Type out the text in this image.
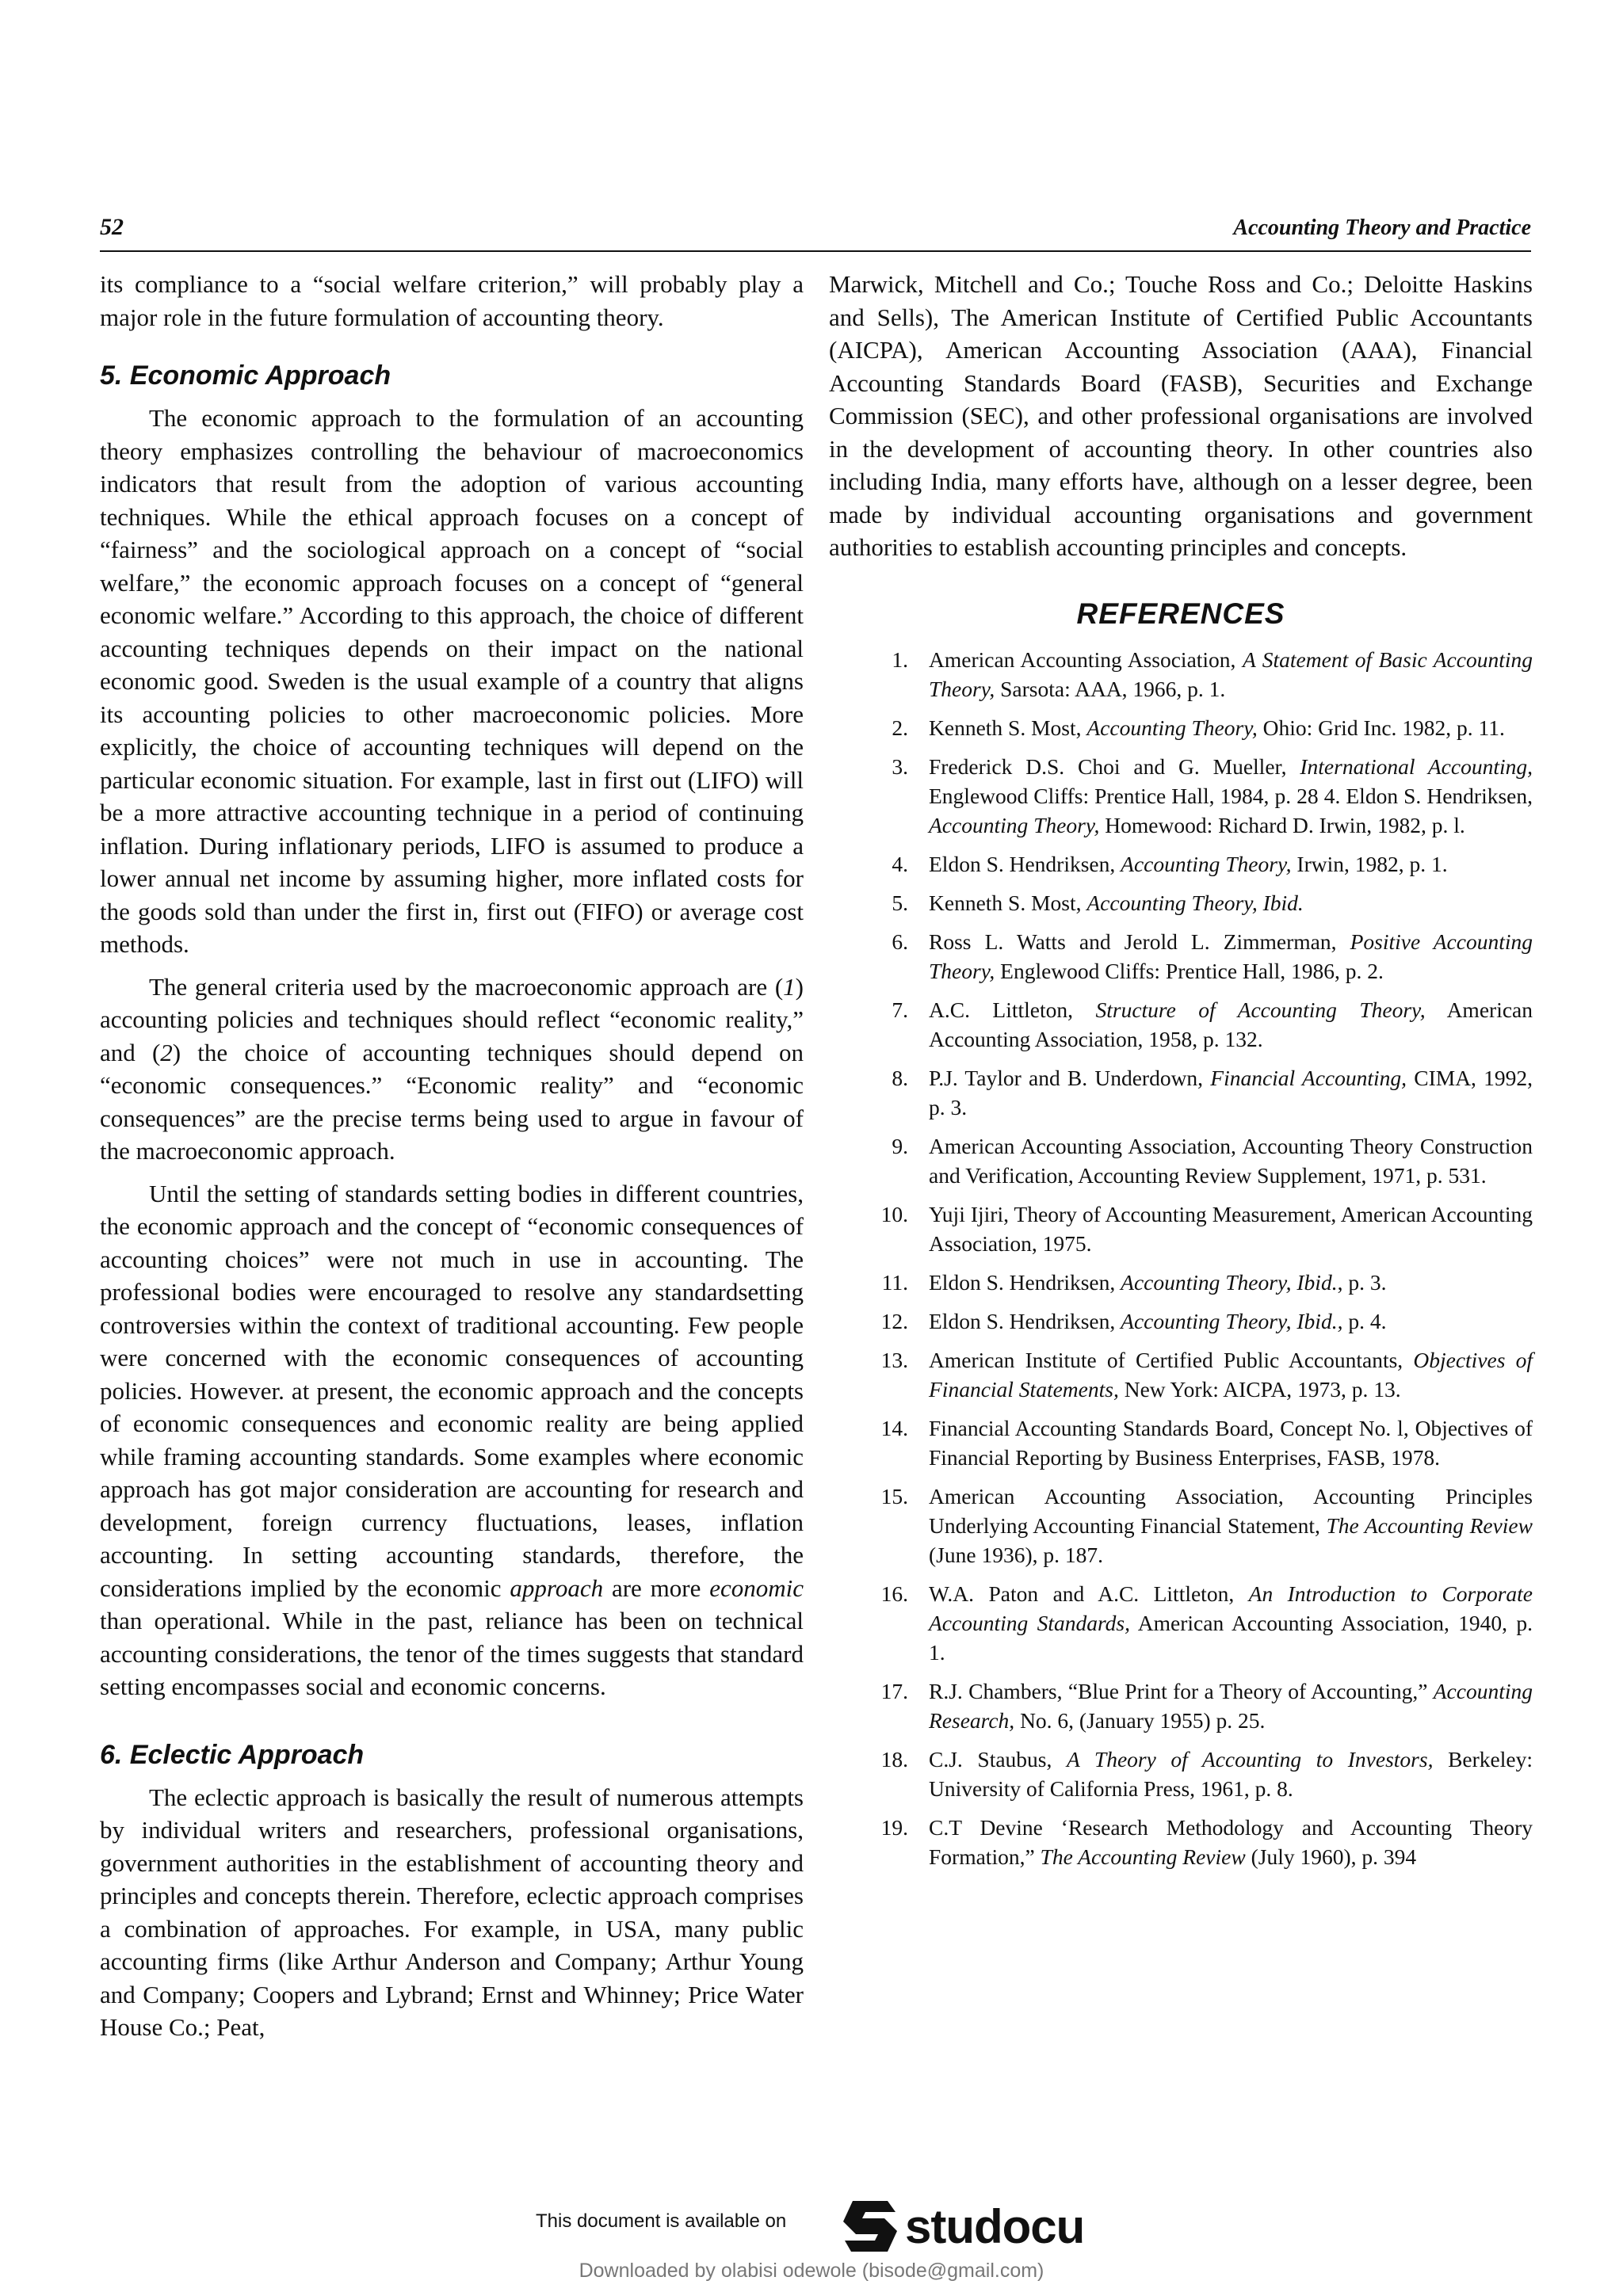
52	Accounting Theory and Practice

its compliance to a “social welfare criterion,” will probably play a major role in the future formulation of accounting theory.

5. Economic Approach

The economic approach to the formulation of an accounting theory emphasizes controlling the behaviour of macroeconomics indicators that result from the adoption of various accounting techniques. While the ethical approach focuses on a concept of “fairness” and the sociological approach on a concept of “social welfare,” the economic approach focuses on a concept of “general economic welfare.” According to this approach, the choice of different accounting techniques depends on their impact on the national economic good. Sweden is the usual example of a country that aligns its accounting policies to other macroeconomic policies. More explicitly, the choice of accounting techniques will depend on the particular economic situation. For example, last in first out (LIFO) will be a more attractive accounting technique in a period of continuing inflation. During inflationary periods, LIFO is assumed to produce a lower annual net income by assuming higher, more inflated costs for the goods sold than under the first in, first out (FIFO) or average cost methods.

The general criteria used by the macroeconomic approach are (1) accounting policies and techniques should reflect “economic reality,” and (2) the choice of accounting techniques should depend on “economic consequences.” “Economic reality” and “economic consequences” are the precise terms being used to argue in favour of the macroeconomic approach.

Until the setting of standards setting bodies in different countries, the economic approach and the concept of “economic consequences of accounting choices” were not much in use in accounting. The professional bodies were encouraged to resolve any standardsetting controversies within the context of traditional accounting. Few people were concerned with the economic consequences of accounting policies. However. at present, the economic approach and the concepts of economic consequences and economic reality are being applied while framing accounting standards. Some examples where economic approach has got major consideration are accounting for research and development, foreign currency fluctuations, leases, inflation accounting. In setting accounting standards, therefore, the considerations implied by the economic approach are more economic than operational. While in the past, reliance has been on technical accounting considerations, the tenor of the times suggests that standard setting encompasses social and economic concerns.

6. Eclectic Approach

The eclectic approach is basically the result of numerous attempts by individual writers and researchers, professional organisations, government authorities in the establishment of accounting theory and principles and concepts therein. Therefore, eclectic approach comprises a combination of approaches. For example, in USA, many public accounting firms (like Arthur Anderson and Company; Arthur Young and Company; Coopers and Lybrand; Ernst and Whinney; Price Water House Co.; Peat,

Marwick, Mitchell and Co.; Touche Ross and Co.; Deloitte Haskins and Sells), The American Institute of Certified Public Accountants (AICPA), American Accounting Association (AAA), Financial Accounting Standards Board (FASB), Securities and Exchange Commission (SEC), and other professional organisations are involved in the development of accounting theory. In other countries also including India, many efforts have, although on a lesser degree, been made by individual accounting organisations and government authorities to establish accounting principles and concepts.

REFERENCES
1. American Accounting Association, A Statement of Basic Accounting Theory, Sarsota: AAA, 1966, p. 1.
2. Kenneth S. Most, Accounting Theory, Ohio: Grid Inc. 1982, p. 11.
3. Frederick D.S. Choi and G. Mueller, International Accounting, Englewood Cliffs: Prentice Hall, 1984, p. 28 4. Eldon S. Hendriksen, Accounting Theory, Homewood: Richard D. Irwin, 1982, p. l.
4. Eldon S. Hendriksen, Accounting Theory, Irwin, 1982, p. 1.
5. Kenneth S. Most, Accounting Theory, Ibid.
6. Ross L. Watts and Jerold L. Zimmerman, Positive Accounting Theory, Englewood Cliffs: Prentice Hall, 1986, p. 2.
7. A.C. Littleton, Structure of Accounting Theory, American Accounting Association, 1958, p. 132.
8. P.J. Taylor and B. Underdown, Financial Accounting, CIMA, 1992, p. 3.
9. American Accounting Association, Accounting Theory Construction and Verification, Accounting Review Supplement, 1971, p. 531.
10. Yuji Ijiri, Theory of Accounting Measurement, American Accounting Association, 1975.
11. Eldon S. Hendriksen, Accounting Theory, Ibid., p. 3.
12. Eldon S. Hendriksen, Accounting Theory, Ibid., p. 4.
13. American Institute of Certified Public Accountants, Objectives of Financial Statements, New York: AICPA, 1973, p. 13.
14. Financial Accounting Standards Board, Concept No. l, Objectives of Financial Reporting by Business Enterprises, FASB, 1978.
15. American Accounting Association, Accounting Principles Underlying Accounting Financial Statement, The Accounting Review (June 1936), p. 187.
16. W.A. Paton and A.C. Littleton, An Introduction to Corporate Accounting Standards, American Accounting Association, 1940, p. 1.
17. R.J. Chambers, “Blue Print for a Theory of Accounting,” Accounting Research, No. 6, (January 1955) p. 25.
18. C.J. Staubus, A Theory of Accounting to Investors, Berkeley: University of California Press, 1961, p. 8.
19. C.T Devine ‘Research Methodology and Accounting Theory Formation,” The Accounting Review (July 1960), p. 394
This document is available on studocu
Downloaded by olabisi odewole (bisode@gmail.com)
